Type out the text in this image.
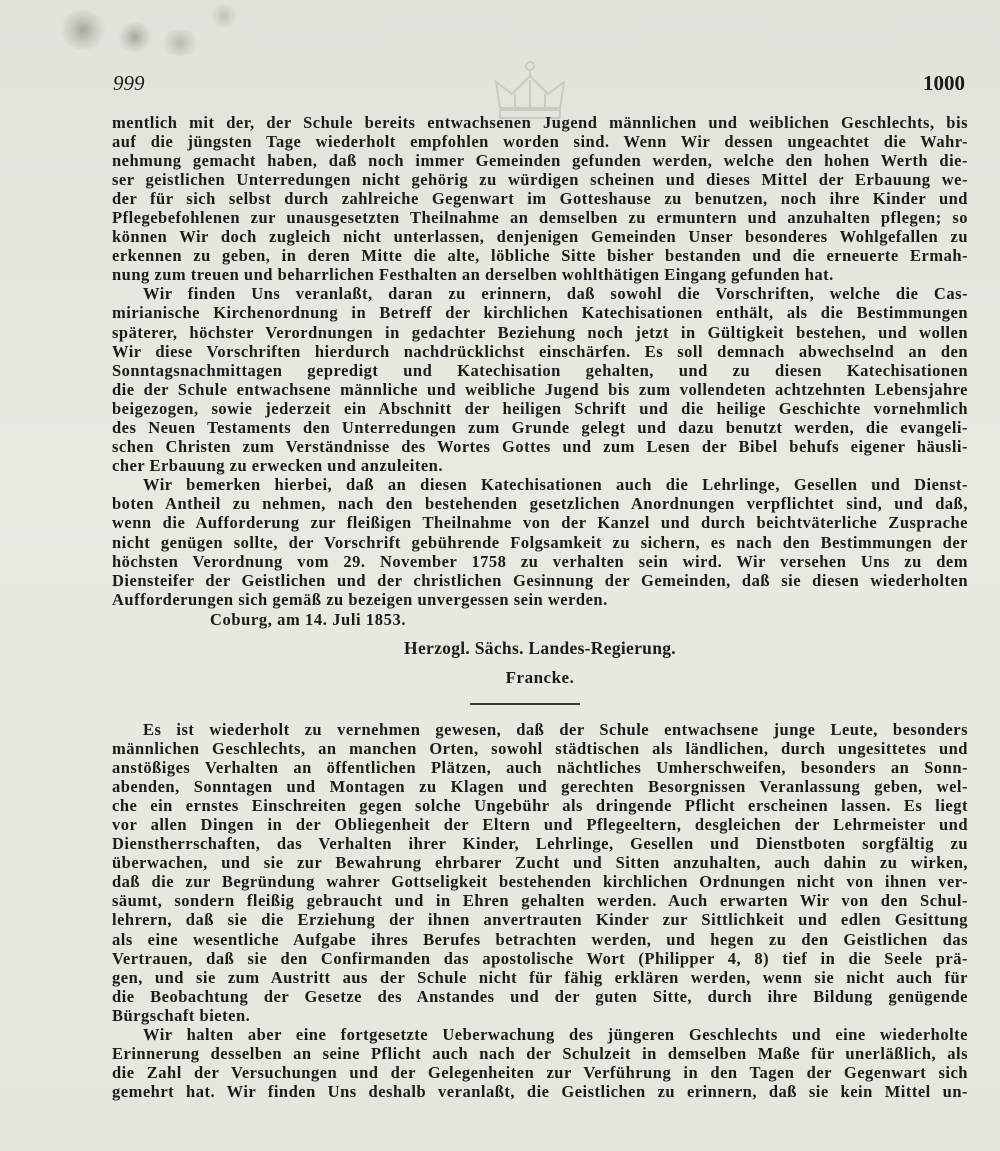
999	1000
mentlich mit der, der Schule bereits entwachsenen Jugend männlichen und weiblichen Geschlechts, bis
auf die jüngsten Tage wiederholt empfohlen worden sind. Wenn Wir dessen ungeachtet die Wahr-
nehmung gemacht haben, daß noch immer Gemeinden gefunden werden, welche den hohen Werth die-
ser geistlichen Unterredungen nicht gehörig zu würdigen scheinen und dieses Mittel der Erbauung we-
der für sich selbst durch zahlreiche Gegenwart im Gotteshause zu benutzen, noch ihre Kinder und
Pflegebefohlenen zur unausgesetzten Theilnahme an demselben zu ermuntern und anzuhalten pflegen; so
können Wir doch zugleich nicht unterlassen, denjenigen Gemeinden Unser besonderes Wohlgefallen zu
erkennen zu geben, in deren Mitte die alte, löbliche Sitte bisher bestanden und die erneuerte Ermah-
nung zum treuen und beharrlichen Festhalten an derselben wohlthätigen Eingang gefunden hat.
Wir finden Uns veranlaßt, daran zu erinnern, daß sowohl die Vorschriften, welche die Cas-
mirianische Kirchenordnung in Betreff der kirchlichen Katechisationen enthält, als die Bestimmungen
späterer, höchster Verordnungen in gedachter Beziehung noch jetzt in Gültigkeit bestehen, und wollen
Wir diese Vorschriften hierdurch nachdrücklichst einschärfen. Es soll demnach abwechselnd an den
Sonntagsnachmittagen gepredigt und Katechisation gehalten, und zu diesen Katechisationen
die der Schule entwachsene männliche und weibliche Jugend bis zum vollendeten achtzehnten Lebensjahre
beigezogen, sowie jederzeit ein Abschnitt der heiligen Schrift und die heilige Geschichte vornehmlich
des Neuen Testaments den Unterredungen zum Grunde gelegt und dazu benutzt werden, die evangeli-
schen Christen zum Verständnisse des Wortes Gottes und zum Lesen der Bibel behufs eigener häusli-
cher Erbauung zu erwecken und anzuleiten.
Wir bemerken hierbei, daß an diesen Katechisationen auch die Lehrlinge, Gesellen und Dienst-
boten Antheil zu nehmen, nach den bestehenden gesetzlichen Anordnungen verpflichtet sind, und daß,
wenn die Aufforderung zur fleißigen Theilnahme von der Kanzel und durch beichtväterliche Zusprache
nicht genügen sollte, der Vorschrift gebührende Folgsamkeit zu sichern, es nach den Bestimmungen der
höchsten Verordnung vom 29. November 1758 zu verhalten sein wird. Wir versehen Uns zu dem
Diensteifer der Geistlichen und der christlichen Gesinnung der Gemeinden, daß sie diesen wiederholten
Aufforderungen sich gemäß zu bezeigen unvergessen sein werden.
Coburg, am 14. Juli 1853.
Herzogl. Sächs. Landes-Regierung.
Francke.
Es ist wiederholt zu vernehmen gewesen, daß der Schule entwachsene junge Leute, besonders
männlichen Geschlechts, an manchen Orten, sowohl städtischen als ländlichen, durch ungesittetes und
anstößiges Verhalten an öffentlichen Plätzen, auch nächtliches Umherschweifen, besonders an Sonn-
abenden, Sonntagen und Montagen zu Klagen und gerechten Besorgnissen Veranlassung geben, wel-
che ein ernstes Einschreiten gegen solche Ungebühr als dringende Pflicht erscheinen lassen. Es liegt
vor allen Dingen in der Obliegenheit der Eltern und Pflegeeltern, desgleichen der Lehrmeister und
Dienstherrschaften, das Verhalten ihrer Kinder, Lehrlinge, Gesellen und Dienstboten sorgfältig zu
überwachen, und sie zur Bewahrung ehrbarer Zucht und Sitten anzuhalten, auch dahin zu wirken,
daß die zur Begründung wahrer Gottseligkeit bestehenden kirchlichen Ordnungen nicht von ihnen ver-
säumt, sondern fleißig gebraucht und in Ehren gehalten werden. Auch erwarten Wir von den Schul-
lehrern, daß sie die Erziehung der ihnen anvertrauten Kinder zur Sittlichkeit und edlen Gesittung
als eine wesentliche Aufgabe ihres Berufes betrachten werden, und hegen zu den Geistlichen das
Vertrauen, daß sie den Confirmanden das apostolische Wort (Philipper 4, 8) tief in die Seele prä-
gen, und sie zum Austritt aus der Schule nicht für fähig erklären werden, wenn sie nicht auch für
die Beobachtung der Gesetze des Anstandes und der guten Sitte, durch ihre Bildung genügende
Bürgschaft bieten.
Wir halten aber eine fortgesetzte Ueberwachung des jüngeren Geschlechts und eine wiederholte
Erinnerung desselben an seine Pflicht auch nach der Schulzeit in demselben Maße für unerläßlich, als
die Zahl der Versuchungen und der Gelegenheiten zur Verführung in den Tagen der Gegenwart sich
gemehrt hat. Wir finden Uns deshalb veranlaßt, die Geistlichen zu erinnern, daß sie kein Mittel un-
